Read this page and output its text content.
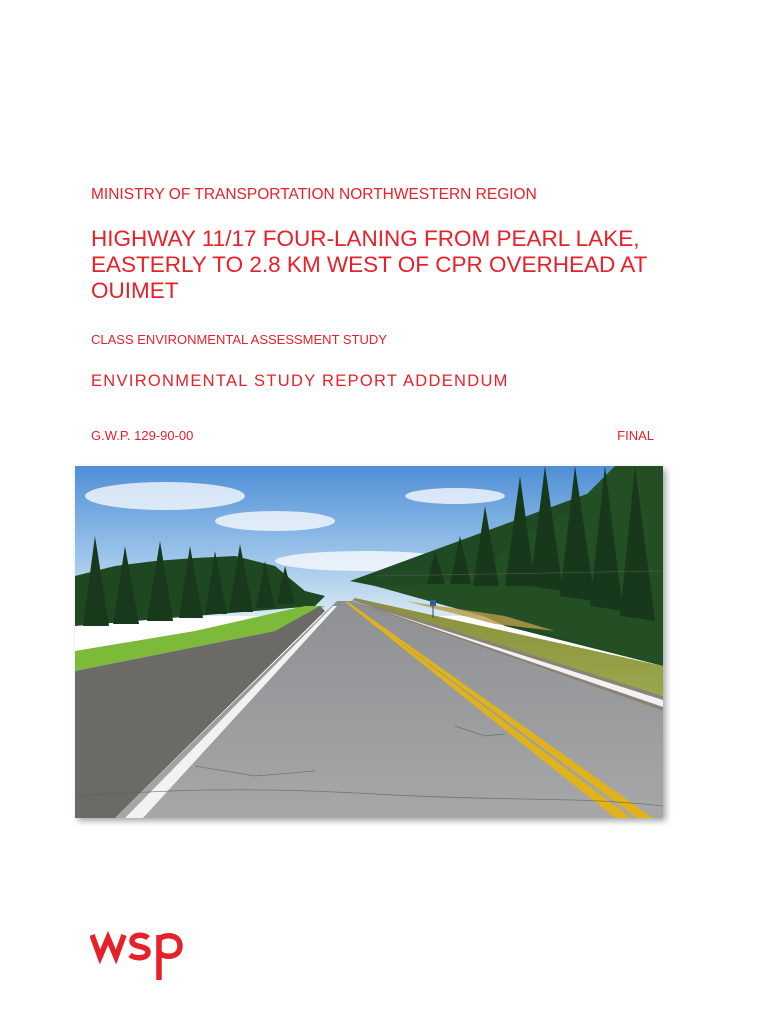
MINISTRY OF TRANSPORTATION NORTHWESTERN REGION
HIGHWAY 11/17 FOUR-LANING FROM PEARL LAKE, EASTERLY TO 2.8 KM WEST OF CPR OVERHEAD AT OUIMET
CLASS ENVIRONMENTAL ASSESSMENT STUDY
ENVIRONMENTAL STUDY REPORT ADDENDUM
G.W.P. 129-90-00	FINAL
